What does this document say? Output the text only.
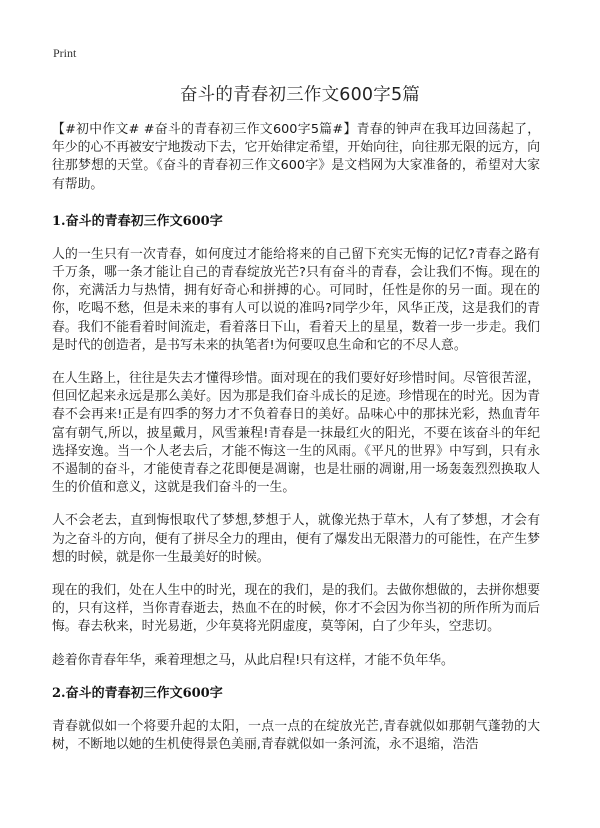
Print
奋斗的青春初三作文600字5篇

【#初中作文# #奋斗的青春初三作文600字5篇#】青春的钟声在我耳边回荡起了，年少的心不再被安宁地拨动下去，它开始律定希望，开始向往，向往那无限的远方，向往那梦想的天堂。《奋斗的青春初三作文600字》是文档网为大家准备的，希望对大家有帮助。

1.奋斗的青春初三作文600字

人的一生只有一次青春，如何度过才能给将来的自己留下充实无悔的记忆?青春之路有千万条，哪一条才能让自己的青春绽放光芒?只有奋斗的青春，会让我们不悔。现在的你，充满活力与热情，拥有好奇心和拼搏的心。可同时，任性是你的另一面。现在的你，吃喝不愁，但是未来的事有人可以说的准吗?同学少年，风华正茂，这是我们的青春。我们不能看着时间流走，看着落日下山，看着天上的星星，数着一步一步走。我们是时代的创造者，是书写未来的执笔者!为何要叹息生命和它的不尽人意。

在人生路上，往往是失去才懂得珍惜。面对现在的我们要好好珍惜时间。尽管很苦涩，但回忆起来永远是那么美好。因为那是我们奋斗成长的足迹。珍惜现在的时光。因为青春不会再来!正是有四季的努力才不负着春日的美好。品味心中的那抹光彩，热血青年富有朝气,所以，披星戴月，风雪兼程!青春是一抹最红火的阳光，不要在该奋斗的年纪选择安逸。当一个人老去后，才能不悔这一生的风雨。《平凡的世界》中写到，只有永不遏制的奋斗，才能使青春之花即便是凋谢，也是壮丽的凋谢,用一场轰轰烈烈换取人生的价值和意义，这就是我们奋斗的一生。

人不会老去，直到悔恨取代了梦想,梦想于人，就像光热于草木，人有了梦想，才会有为之奋斗的方向，便有了拼尽全力的理由，便有了爆发出无限潜力的可能性，在产生梦想的时候，就是你一生最美好的时候。

现在的我们，处在人生中的时光，现在的我们，是的我们。去做你想做的，去拼你想要的，只有这样，当你青春逝去，热血不在的时候，你才不会因为你当初的所作所为而后悔。春去秋来，时光易逝，少年莫将光阴虚度，莫等闲，白了少年头，空悲切。

趁着你青春年华，乘着理想之马，从此启程!只有这样，才能不负年华。

2.奋斗的青春初三作文600字

青春就似如一个将要升起的太阳，一点一点的在绽放光芒,青春就似如那朝气蓬勃的大树，不断地以她的生机使得景色美丽,青春就似如一条河流，永不退缩，浩浩
